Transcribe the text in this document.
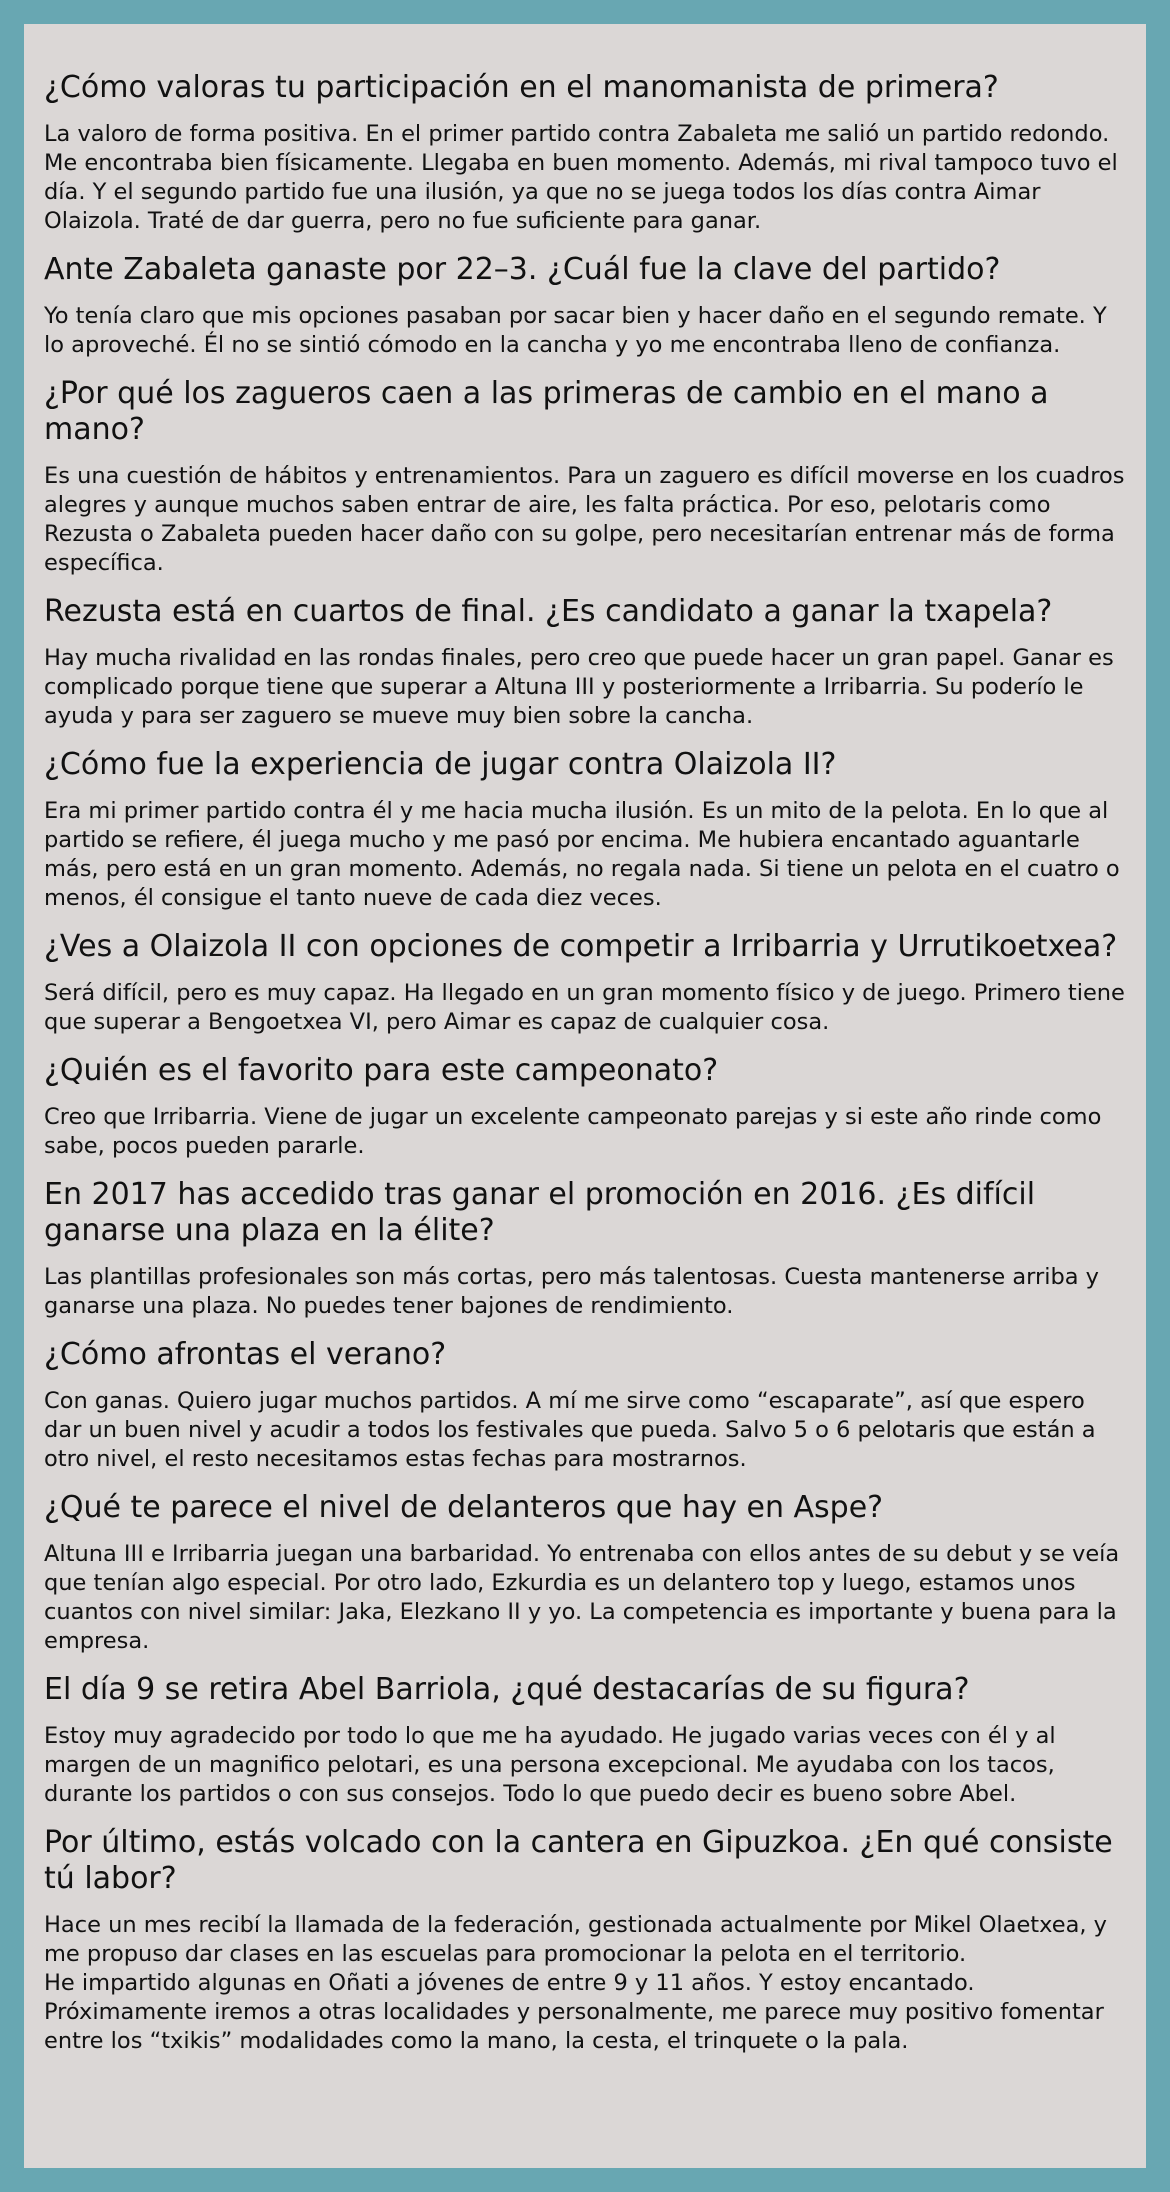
¿Cómo valoras tu participación en el manomanista de primera?

La valoro de forma positiva. En el primer partido contra Zabaleta me salió un partido redondo. Me encontraba bien físicamente. Llegaba en buen momento. Además, mi rival tampoco tuvo el día. Y el segundo partido fue una ilusión, ya que no se juega todos los días contra Aimar Olaizola. Traté de dar guerra, pero no fue suficiente para ganar.

Ante Zabaleta ganaste por 22–3. ¿Cuál fue la clave del partido?

Yo tenía claro que mis opciones pasaban por sacar bien y hacer daño en el segundo remate. Y lo aproveché. Él no se sintió cómodo en la cancha y yo me encontraba lleno de confianza.

¿Por qué los zagueros caen a las primeras de cambio en el mano a mano?

Es una cuestión de hábitos y entrenamientos. Para un zaguero es difícil moverse en los cuadros alegres y aunque muchos saben entrar de aire, les falta práctica. Por eso, pelotaris como Rezusta o Zabaleta pueden hacer daño con su golpe, pero necesitarían entrenar más de forma específica.

Rezusta está en cuartos de final. ¿Es candidato a ganar la txapela?

Hay mucha rivalidad en las rondas finales, pero creo que puede hacer un gran papel. Ganar es complicado porque tiene que superar a Altuna III y posteriormente a Irribarria. Su poderío le ayuda y para ser zaguero se mueve muy bien sobre la cancha.

¿Cómo fue la experiencia de jugar contra Olaizola II?

Era mi primer partido contra él y me hacia mucha ilusión. Es un mito de la pelota. En lo que al partido se refiere, él juega mucho y me pasó por encima. Me hubiera encantado aguantarle más, pero está en un gran momento. Además, no regala nada. Si tiene un pelota en el cuatro o menos, él consigue el tanto nueve de cada diez veces.

¿Ves a Olaizola II con opciones de competir a Irribarria y Urrutikoetxea?

Será difícil, pero es muy capaz. Ha llegado en un gran momento físico y de juego. Primero tiene que superar a Bengoetxea VI, pero Aimar es capaz de cualquier cosa.

¿Quién es el favorito para este campeonato?

Creo que Irribarria. Viene de jugar un excelente campeonato parejas y si este año rinde como sabe, pocos pueden pararle.

En 2017 has accedido tras ganar el promoción en 2016. ¿Es difícil ganarse una plaza en la élite?

Las plantillas profesionales son más cortas, pero más talentosas. Cuesta mantenerse arriba y ganarse una plaza. No puedes tener bajones de rendimiento.

¿Cómo afrontas el verano?

Con ganas. Quiero jugar muchos partidos. A mí me sirve como “escaparate”, así que espero dar un buen nivel y acudir a todos los festivales que pueda. Salvo 5 o 6 pelotaris que están a otro nivel, el resto necesitamos estas fechas para mostrarnos.

¿Qué te parece el nivel de delanteros que hay en Aspe?

Altuna III e Irribarria juegan una barbaridad. Yo entrenaba con ellos antes de su debut y se veía que tenían algo especial. Por otro lado, Ezkurdia es un delantero top y luego, estamos unos cuantos con nivel similar: Jaka, Elezkano II y yo. La competencia es importante y buena para la empresa.

El día 9 se retira Abel Barriola, ¿qué destacarías de su figura?

Estoy muy agradecido por todo lo que me ha ayudado. He jugado varias veces con él y al margen de un magnifico pelotari, es una persona excepcional. Me ayudaba con los tacos, durante los partidos o con sus consejos. Todo lo que puedo decir es bueno sobre Abel.

Por último, estás volcado con la cantera en Gipuzkoa. ¿En qué consiste tú labor?

Hace un mes recibí la llamada de la federación, gestionada actualmente por Mikel Olaetxea, y me propuso dar clases en las escuelas para promocionar la pelota en el territorio.
He impartido algunas en Oñati a jóvenes de entre 9 y 11 años. Y estoy encantado. Próximamente iremos a otras localidades y personalmente, me parece muy positivo fomentar entre los “txikis” modalidades como la mano, la cesta, el trinquete o la pala.
